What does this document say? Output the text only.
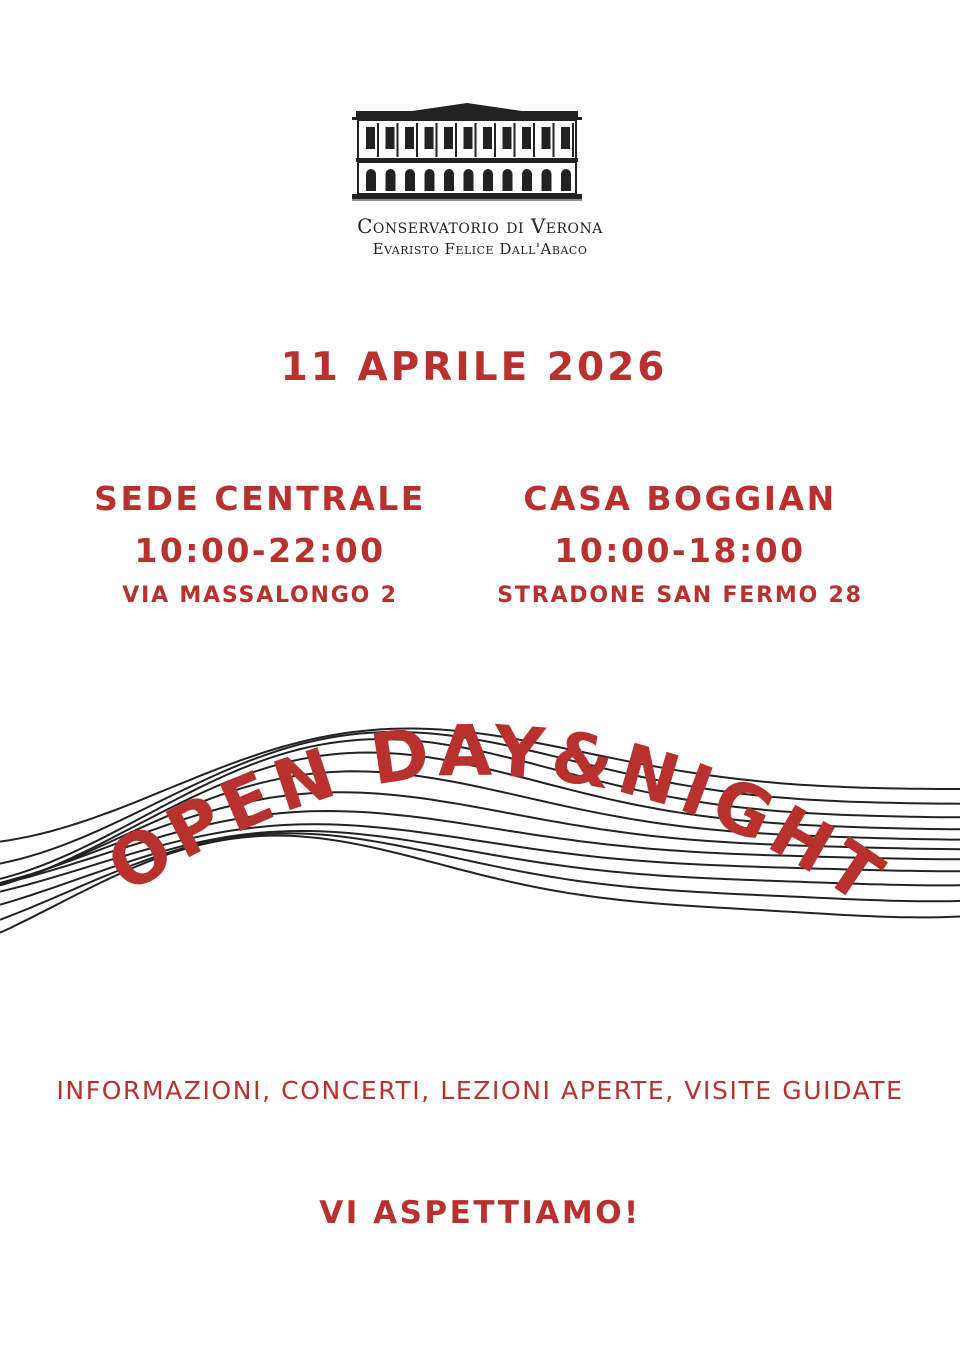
Conservatorio di Verona
Evaristo Felice Dall'Abaco
11 APRILE 2026
SEDE CENTRALE
10:00-22:00
VIA MASSALONGO 2
CASA BOGGIAN
10:00-18:00
STRADONE SAN FERMO 28
OPEN DAY&NIGHT
INFORMAZIONI, CONCERTI, LEZIONI APERTE, VISITE GUIDATE
VI ASPETTIAMO!
